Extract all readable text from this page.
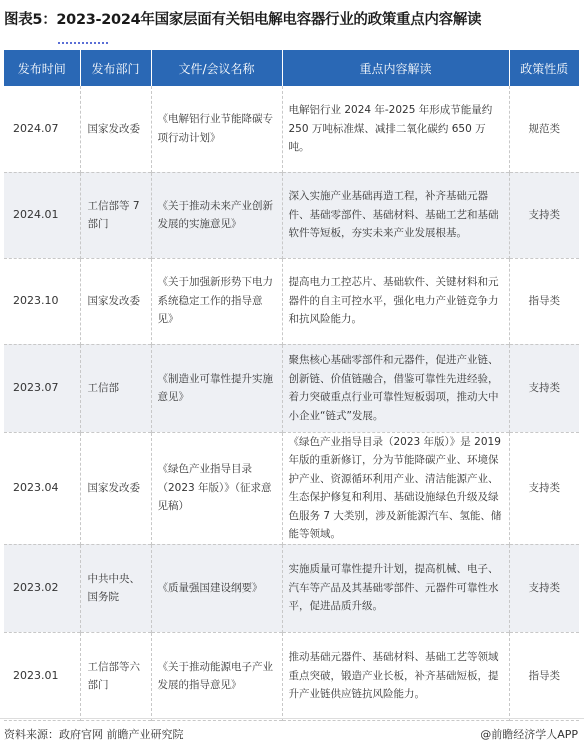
图表5：2023-2024年国家层面有关铝电解电容器行业的政策重点内容解读
发布时间	发布部门	文件/会议名称	重点内容解读	政策性质
2024.07	国家发改委	《电解铝行业节能降碳专项行动计划》	电解铝行业 2024 年-2025 年形成节能量约 250 万吨标准煤、减排二氧化碳约 650 万吨。	规范类
2024.01	工信部等 7 部门	《关于推动未来产业创新发展的实施意见》	深入实施产业基础再造工程，补齐基础元器件、基础零部件、基础材料、基础工艺和基础软件等短板，夯实未来产业发展根基。	支持类
2023.10	国家发改委	《关于加强新形势下电力系统稳定工作的指导意见》	提高电力工控芯片、基础软件、关键材料和元器件的自主可控水平，强化电力产业链竞争力和抗风险能力。	指导类
2023.07	工信部	《制造业可靠性提升实施意见》	聚焦核心基础零部件和元器件，促进产业链、创新链、价值链融合，借鉴可靠性先进经验，着力突破重点行业可靠性短板弱项，推动大中小企业“链式”发展。	支持类
2023.04	国家发改委	《绿色产业指导目录（2023 年版）》（征求意见稿）	《绿色产业指导目录（2023 年版）》是 2019 年版的重新修订，分为节能降碳产业、环境保护产业、资源循环利用产业、清洁能源产业、生态保护修复和利用、基础设施绿色升级及绿色服务 7 大类别，涉及新能源汽车、氢能、储能等领域。	支持类
2023.02	中共中央、国务院	《质量强国建设纲要》	实施质量可靠性提升计划，提高机械、电子、汽车等产品及其基础零部件、元器件可靠性水平，促进品质升级。	支持类
2023.01	工信部等六部门	《关于推动能源电子产业发展的指导意见》	推动基础元器件、基础材料、基础工艺等领域重点突破，锻造产业长板，补齐基础短板，提升产业链供应链抗风险能力。	指导类
资料来源：政府官网 前瞻产业研究院	@前瞻经济学人APP
